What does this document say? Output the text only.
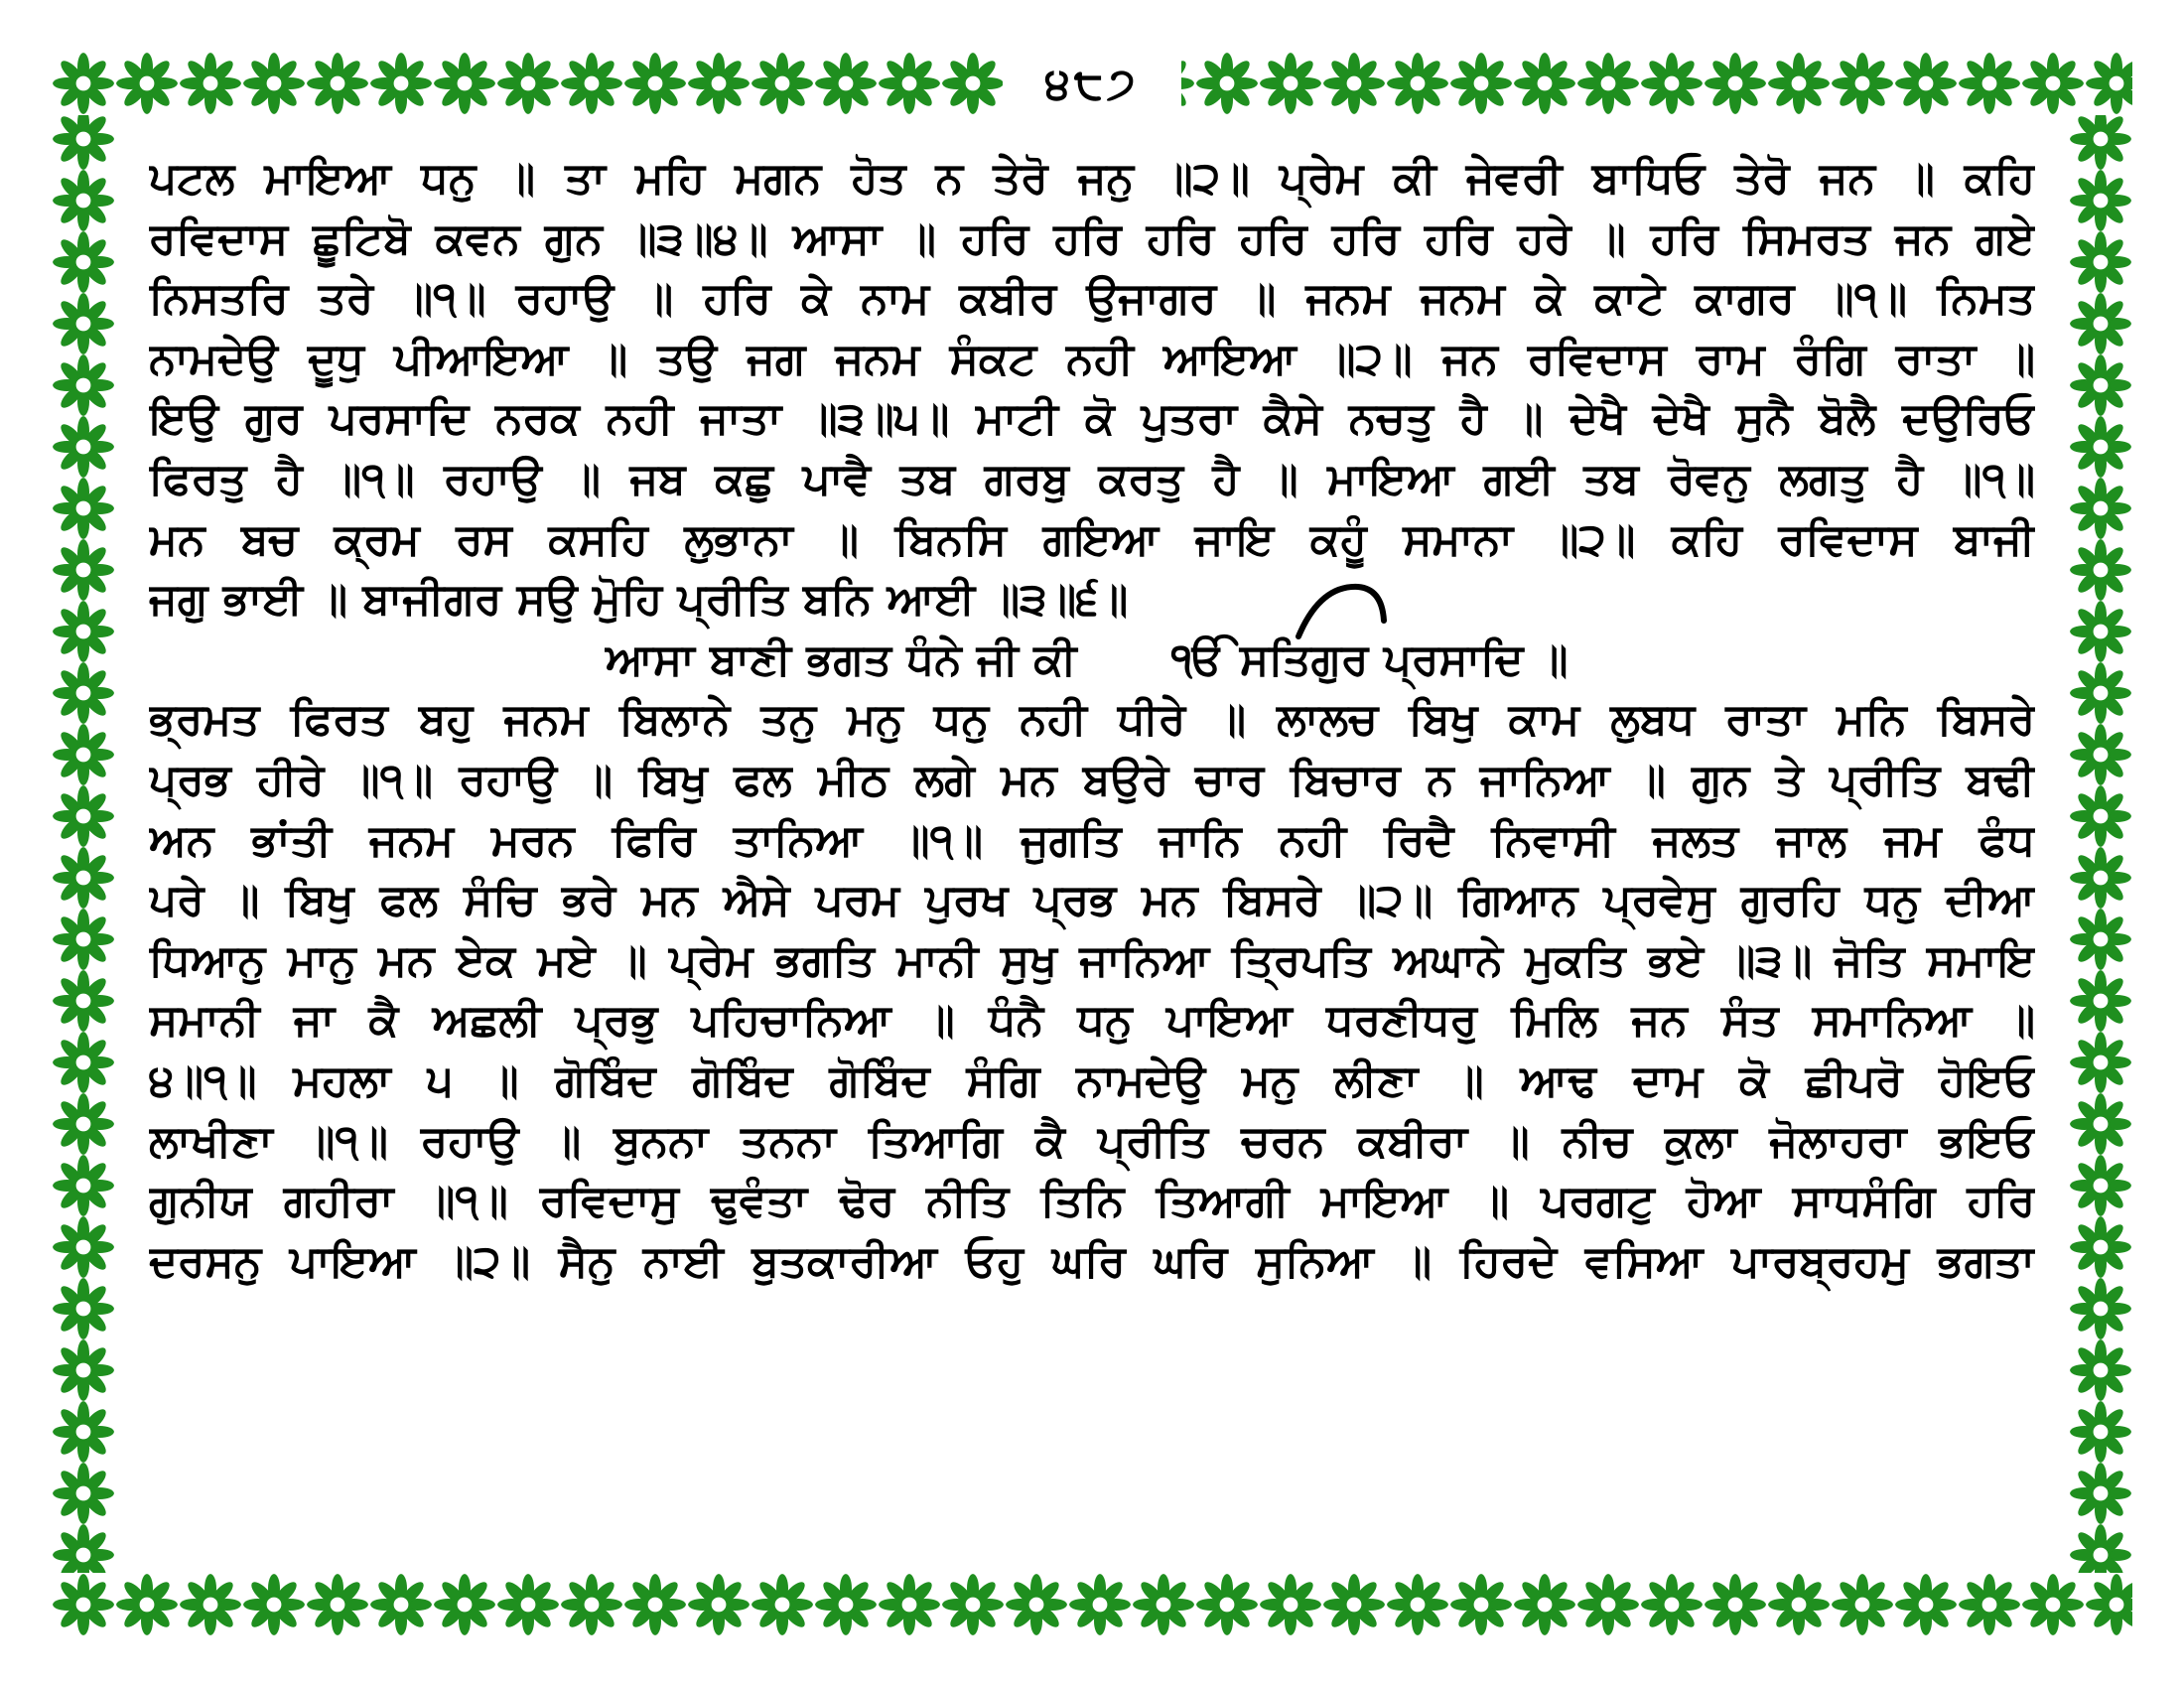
੪੮੭
ਪਟਲ ਮਾਇਆ ਧਨੁ ॥ ਤਾ ਮਹਿ ਮਗਨ ਹੋਤ ਨ ਤੇਰੋ ਜਨੁ ॥੨॥ ਪ੍ਰੇਮ ਕੀ ਜੇਵਰੀ ਬਾਧਿਓ ਤੇਰੋ ਜਨ ॥ ਕਹਿ
ਰਵਿਦਾਸ ਛੂਟਿਬੋ ਕਵਨ ਗੁਨ ॥੩॥੪॥ ਆਸਾ ॥ ਹਰਿ ਹਰਿ ਹਰਿ ਹਰਿ ਹਰਿ ਹਰਿ ਹਰੇ ॥ ਹਰਿ ਸਿਮਰਤ ਜਨ ਗਏ
ਨਿਸਤਰਿ ਤਰੇ ॥੧॥ ਰਹਾਉ ॥ ਹਰਿ ਕੇ ਨਾਮ ਕਬੀਰ ਉਜਾਗਰ ॥ ਜਨਮ ਜਨਮ ਕੇ ਕਾਟੇ ਕਾਗਰ ॥੧॥ ਨਿਮਤ
ਨਾਮਦੇਉ ਦੂਧੁ ਪੀਆਇਆ ॥ ਤਉ ਜਗ ਜਨਮ ਸੰਕਟ ਨਹੀ ਆਇਆ ॥੨॥ ਜਨ ਰਵਿਦਾਸ ਰਾਮ ਰੰਗਿ ਰਾਤਾ ॥
ਇਉ ਗੁਰ ਪਰਸਾਦਿ ਨਰਕ ਨਹੀ ਜਾਤਾ ॥੩॥੫॥ ਮਾਟੀ ਕੋ ਪੁਤਰਾ ਕੈਸੇ ਨਚਤੁ ਹੈ ॥ ਦੇਖੈ ਦੇਖੈ ਸੁਨੈ ਬੋਲੈ ਦਉਰਿਓ
ਫਿਰਤੁ ਹੈ ॥੧॥ ਰਹਾਉ ॥ ਜਬ ਕਛੁ ਪਾਵੈ ਤਬ ਗਰਬੁ ਕਰਤੁ ਹੈ ॥ ਮਾਇਆ ਗਈ ਤਬ ਰੋਵਨੁ ਲਗਤੁ ਹੈ ॥੧॥
ਮਨ ਬਚ ਕ੍ਰਮ ਰਸ ਕਸਹਿ ਲੁਭਾਨਾ ॥ ਬਿਨਸਿ ਗਇਆ ਜਾਇ ਕਹੂੰ ਸਮਾਨਾ ॥੨॥ ਕਹਿ ਰਵਿਦਾਸ ਬਾਜੀ
ਜਗੁ ਭਾਈ ॥ ਬਾਜੀਗਰ ਸਉ ਮੋੁਹਿ ਪ੍ਰੀਤਿ ਬਨਿ ਆਈ ॥੩॥੬॥
ਆਸਾ ਬਾਣੀ ਭਗਤ ਧੰਨੇ ਜੀ ਕੀ ੴ ਸਤਿਗੁਰ ਪ੍ਰਸਾਦਿ ॥
ਭ੍ਰਮਤ ਫਿਰਤ ਬਹੁ ਜਨਮ ਬਿਲਾਨੇ ਤਨੁ ਮਨੁ ਧਨੁ ਨਹੀ ਧੀਰੇ ॥ ਲਾਲਚ ਬਿਖੁ ਕਾਮ ਲੁਬਧ ਰਾਤਾ ਮਨਿ ਬਿਸਰੇ
ਪ੍ਰਭ ਹੀਰੇ ॥੧॥ ਰਹਾਉ ॥ ਬਿਖੁ ਫਲ ਮੀਠ ਲਗੇ ਮਨ ਬਉਰੇ ਚਾਰ ਬਿਚਾਰ ਨ ਜਾਨਿਆ ॥ ਗੁਨ ਤੇ ਪ੍ਰੀਤਿ ਬਢੀ
ਅਨ ਭਾਂਤੀ ਜਨਮ ਮਰਨ ਫਿਰਿ ਤਾਨਿਆ ॥੧॥ ਜੁਗਤਿ ਜਾਨਿ ਨਹੀ ਰਿਦੈ ਨਿਵਾਸੀ ਜਲਤ ਜਾਲ ਜਮ ਫੰਧ
ਪਰੇ ॥ ਬਿਖੁ ਫਲ ਸੰਚਿ ਭਰੇ ਮਨ ਐਸੇ ਪਰਮ ਪੁਰਖ ਪ੍ਰਭ ਮਨ ਬਿਸਰੇ ॥੨॥ ਗਿਆਨ ਪ੍ਰਵੇਸੁ ਗੁਰਹਿ ਧਨੁ ਦੀਆ
ਧਿਆਨੁ ਮਾਨੁ ਮਨ ਏਕ ਮਏ ॥ ਪ੍ਰੇਮ ਭਗਤਿ ਮਾਨੀ ਸੁਖੁ ਜਾਨਿਆ ਤ੍ਰਿਪਤਿ ਅਘਾਨੇ ਮੁਕਤਿ ਭਏ ॥੩॥ ਜੋਤਿ ਸਮਾਇ
ਸਮਾਨੀ ਜਾ ਕੈ ਅਛਲੀ ਪ੍ਰਭੁ ਪਹਿਚਾਨਿਆ ॥ ਧੰਨੈ ਧਨੁ ਪਾਇਆ ਧਰਣੀਧਰੁ ਮਿਲਿ ਜਨ ਸੰਤ ਸਮਾਨਿਆ ॥
੪॥੧॥ ਮਹਲਾ ੫ ॥ ਗੋਬਿੰਦ ਗੋਬਿੰਦ ਗੋਬਿੰਦ ਸੰਗਿ ਨਾਮਦੇਉ ਮਨੁ ਲੀਣਾ ॥ ਆਢ ਦਾਮ ਕੋ ਛੀਪਰੋ ਹੋਇਓ
ਲਾਖੀਣਾ ॥੧॥ ਰਹਾਉ ॥ ਬੁਨਨਾ ਤਨਨਾ ਤਿਆਗਿ ਕੈ ਪ੍ਰੀਤਿ ਚਰਨ ਕਬੀਰਾ ॥ ਨੀਚ ਕੁਲਾ ਜੋਲਾਹਰਾ ਭਇਓ
ਗੁਨੀਯ ਗਹੀਰਾ ॥੧॥ ਰਵਿਦਾਸੁ ਢੁਵੰਤਾ ਢੋਰ ਨੀਤਿ ਤਿਨਿ ਤਿਆਗੀ ਮਾਇਆ ॥ ਪਰਗਟੁ ਹੋਆ ਸਾਧਸੰਗਿ ਹਰਿ
ਦਰਸਨੁ ਪਾਇਆ ॥੨॥ ਸੈਨੁ ਨਾਈ ਬੁਤਕਾਰੀਆ ਓਹੁ ਘਰਿ ਘਰਿ ਸੁਨਿਆ ॥ ਹਿਰਦੇ ਵਸਿਆ ਪਾਰਬ੍ਰਹਮੁ ਭਗਤਾ
